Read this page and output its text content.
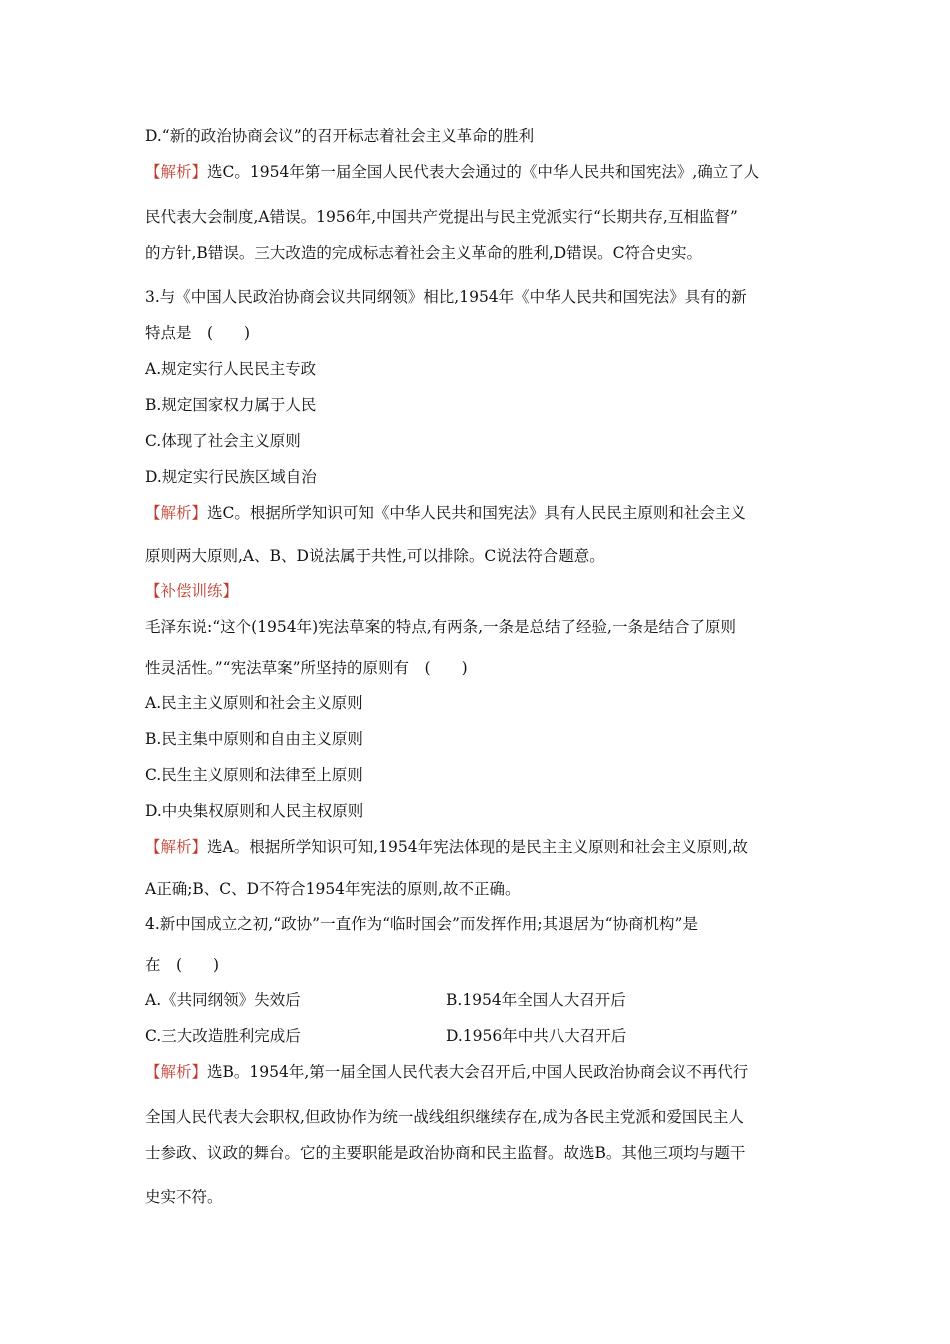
D.“新的政治协商会议”的召开标志着社会主义革命的胜利

【解析】选C。1954年第一届全国人民代表大会通过的《中华人民共和国宪法》,确立了人

民代表大会制度,A错误。1956年,中国共产党提出与民主党派实行“长期共存,互相监督”

的方针,B错误。三大改造的完成标志着社会主义革命的胜利,D错误。C符合史实。

3.与《中国人民政治协商会议共同纲领》相比,1954年《中华人民共和国宪法》具有的新

特点是　(　　)

A.规定实行人民民主专政

B.规定国家权力属于人民

C.体现了社会主义原则

D.规定实行民族区域自治

【解析】选C。根据所学知识可知《中华人民共和国宪法》具有人民民主原则和社会主义

原则两大原则,A、B、D说法属于共性,可以排除。C说法符合题意。

【补偿训练】

毛泽东说:“这个(1954年)宪法草案的特点,有两条,一条是总结了经验,一条是结合了原则

性灵活性。”“宪法草案”所坚持的原则有　(　　)

A.民主主义原则和社会主义原则

B.民主集中原则和自由主义原则

C.民生主义原则和法律至上原则

D.中央集权原则和人民主权原则

【解析】选A。根据所学知识可知,1954年宪法体现的是民主主义原则和社会主义原则,故

A正确;B、C、D不符合1954年宪法的原则,故不正确。

4.新中国成立之初,“政协”一直作为“临时国会”而发挥作用;其退居为“协商机构”是

在　(　　)

A.《共同纲领》失效后	B.1954年全国人大召开后
C.三大改造胜利完成后	D.1956年中共八大召开后

【解析】选B。1954年,第一届全国人民代表大会召开后,中国人民政治协商会议不再代行

全国人民代表大会职权,但政协作为统一战线组织继续存在,成为各民主党派和爱国民主人

士参政、议政的舞台。它的主要职能是政治协商和民主监督。故选B。其他三项均与题干

史实不符。
